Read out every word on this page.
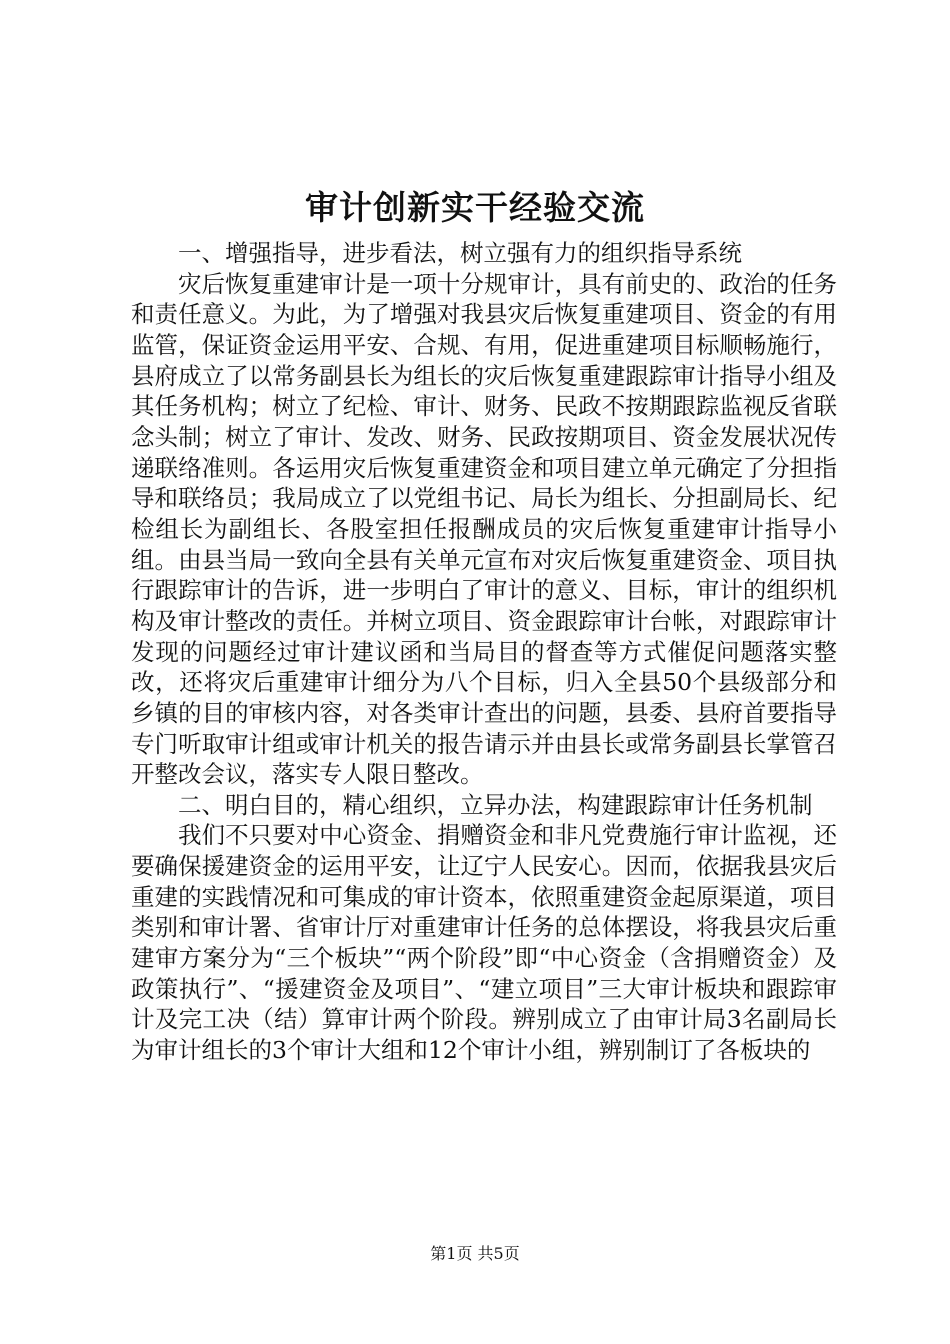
审计创新实干经验交流

一、增强指导，进步看法，树立强有力的组织指导系统

灾后恢复重建审计是一项十分规审计，具有前史的、政治的任务和责任意义。为此，为了增强对我县灾后恢复重建项目、资金的有用监管，保证资金运用平安、合规、有用，促进重建项目标顺畅施行，县府成立了以常务副县长为组长的灾后恢复重建跟踪审计指导小组及其任务机构；树立了纪检、审计、财务、民政不按期跟踪监视反省联念头制；树立了审计、发改、财务、民政按期项目、资金发展状况传递联络准则。各运用灾后恢复重建资金和项目建立单元确定了分担指导和联络员；我局成立了以党组书记、局长为组长、分担副局长、纪检组长为副组长、各股室担任报酬成员的灾后恢复重建审计指导小组。由县当局一致向全县有关单元宣布对灾后恢复重建资金、项目执行跟踪审计的告诉，进一步明白了审计的意义、目标，审计的组织机构及审计整改的责任。并树立项目、资金跟踪审计台帐，对跟踪审计发现的问题经过审计建议函和当局目的督查等方式催促问题落实整改，还将灾后重建审计细分为八个目标，归入全县50个县级部分和乡镇的目的审核内容，对各类审计查出的问题，县委、县府首要指导专门听取审计组或审计机关的报告请示并由县长或常务副县长掌管召开整改会议，落实专人限日整改。

二、明白目的，精心组织，立异办法，构建跟踪审计任务机制

我们不只要对中心资金、捐赠资金和非凡党费施行审计监视，还要确保援建资金的运用平安，让辽宁人民安心。因而，依据我县灾后重建的实践情况和可集成的审计资本，依照重建资金起原渠道，项目类别和审计署、省审计厅对重建审计任务的总体摆设，将我县灾后重建审方案分为“三个板块”“两个阶段”即“中心资金（含捐赠资金）及政策执行”、“援建资金及项目”、“建立项目”三大审计板块和跟踪审计及完工决（结）算审计两个阶段。辨别成立了由审计局3名副局长为审计组长的3个审计大组和12个审计小组，辨别制订了各板块的

第1页 共5页
